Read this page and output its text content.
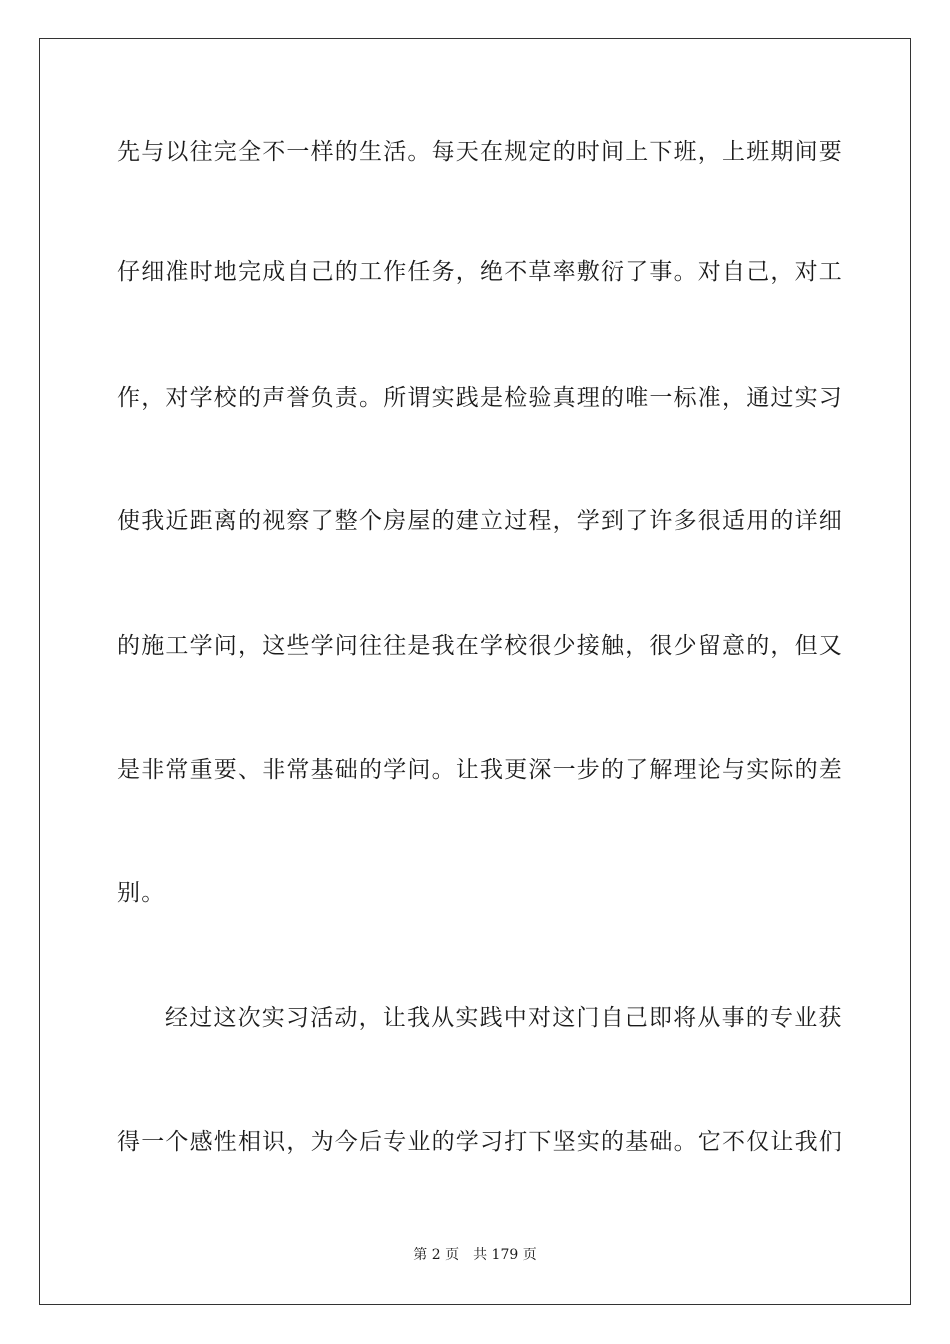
先与以往完全不一样的生活。每天在规定的时间上下班，上班期间要
仔细准时地完成自己的工作任务，绝不草率敷衍了事。对自己，对工
作，对学校的声誉负责。所谓实践是检验真理的唯一标准，通过实习
使我近距离的视察了整个房屋的建立过程，学到了许多很适用的详细
的施工学问，这些学问往往是我在学校很少接触，很少留意的，但又
是非常重要、非常基础的学问。让我更深一步的了解理论与实际的差
别。
经过这次实习活动，让我从实践中对这门自己即将从事的专业获
得一个感性相识，为今后专业的学习打下坚实的基础。它不仅让我们
第 2 页 共 179 页
